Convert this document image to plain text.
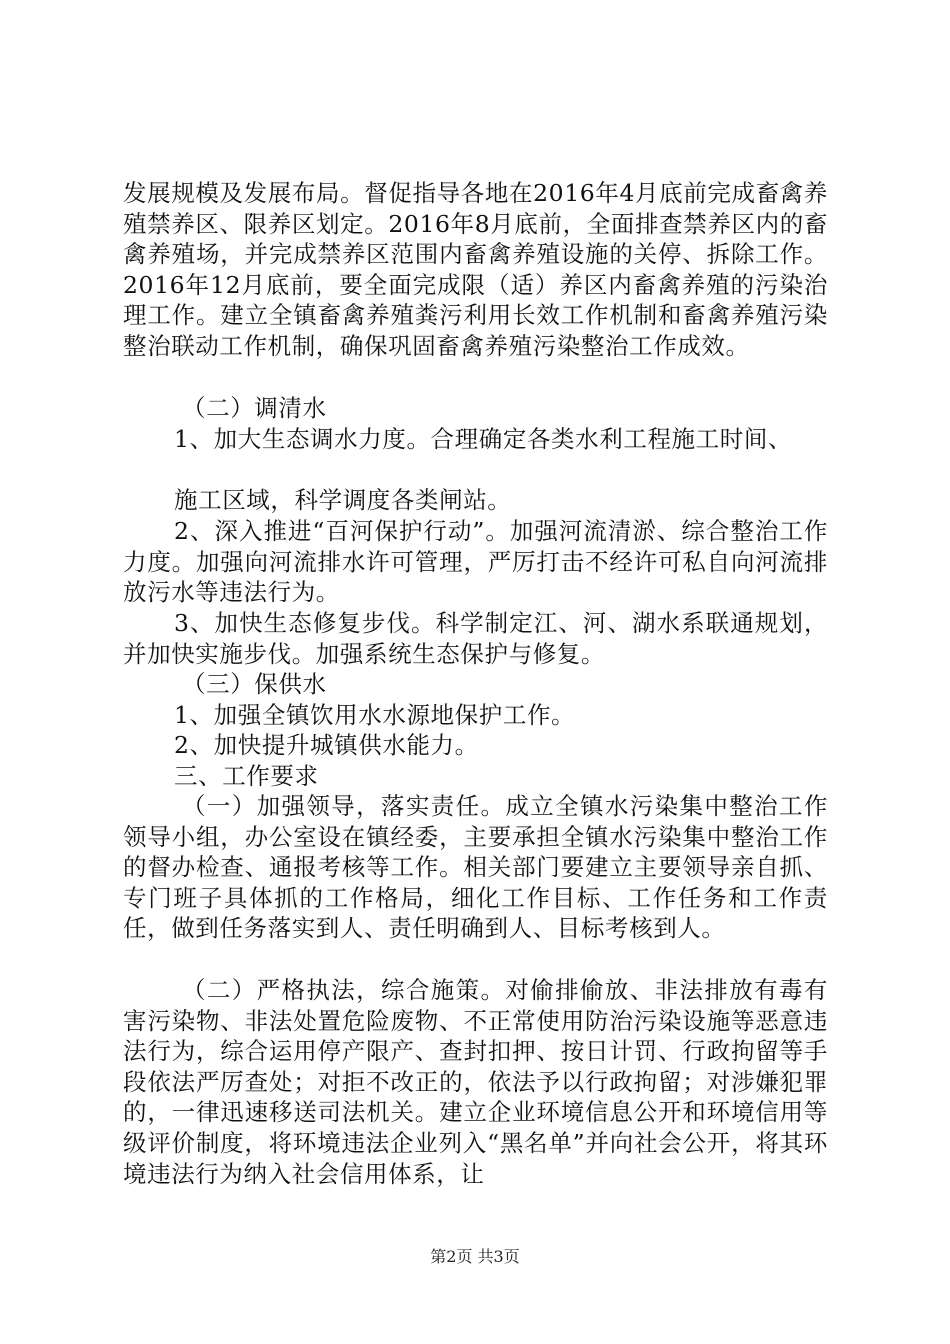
发展规模及发展布局。督促指导各地在2016年4月底前完成畜禽养殖禁养区、限养区划定。2016年8月底前，全面排查禁养区内的畜禽养殖场，并完成禁养区范围内畜禽养殖设施的关停、拆除工作。2016年12月底前，要全面完成限（适）养区内畜禽养殖的污染治理工作。建立全镇畜禽养殖粪污利用长效工作机制和畜禽养殖污染整治联动工作机制，确保巩固畜禽养殖污染整治工作成效。

（二）调清水

1、加大生态调水力度。合理确定各类水利工程施工时间、

施工区域，科学调度各类闸站。

2、深入推进“百河保护行动”。加强河流清淤、综合整治工作力度。加强向河流排水许可管理，严厉打击不经许可私自向河流排放污水等违法行为。

3、加快生态修复步伐。科学制定江、河、湖水系联通规划，并加快实施步伐。加强系统生态保护与修复。

（三）保供水

1、加强全镇饮用水水源地保护工作。

2、加快提升城镇供水能力。

三、工作要求

（一）加强领导，落实责任。成立全镇水污染集中整治工作领导小组，办公室设在镇经委，主要承担全镇水污染集中整治工作的督办检查、通报考核等工作。相关部门要建立主要领导亲自抓、专门班子具体抓的工作格局，细化工作目标、工作任务和工作责任，做到任务落实到人、责任明确到人、目标考核到人。

（二）严格执法，综合施策。对偷排偷放、非法排放有毒有害污染物、非法处置危险废物、不正常使用防治污染设施等恶意违法行为，综合运用停产限产、查封扣押、按日计罚、行政拘留等手段依法严厉查处；对拒不改正的，依法予以行政拘留；对涉嫌犯罪的，一律迅速移送司法机关。建立企业环境信息公开和环境信用等级评价制度，将环境违法企业列入“黑名单”并向社会公开，将其环境违法行为纳入社会信用体系，让

第2页 共3页
